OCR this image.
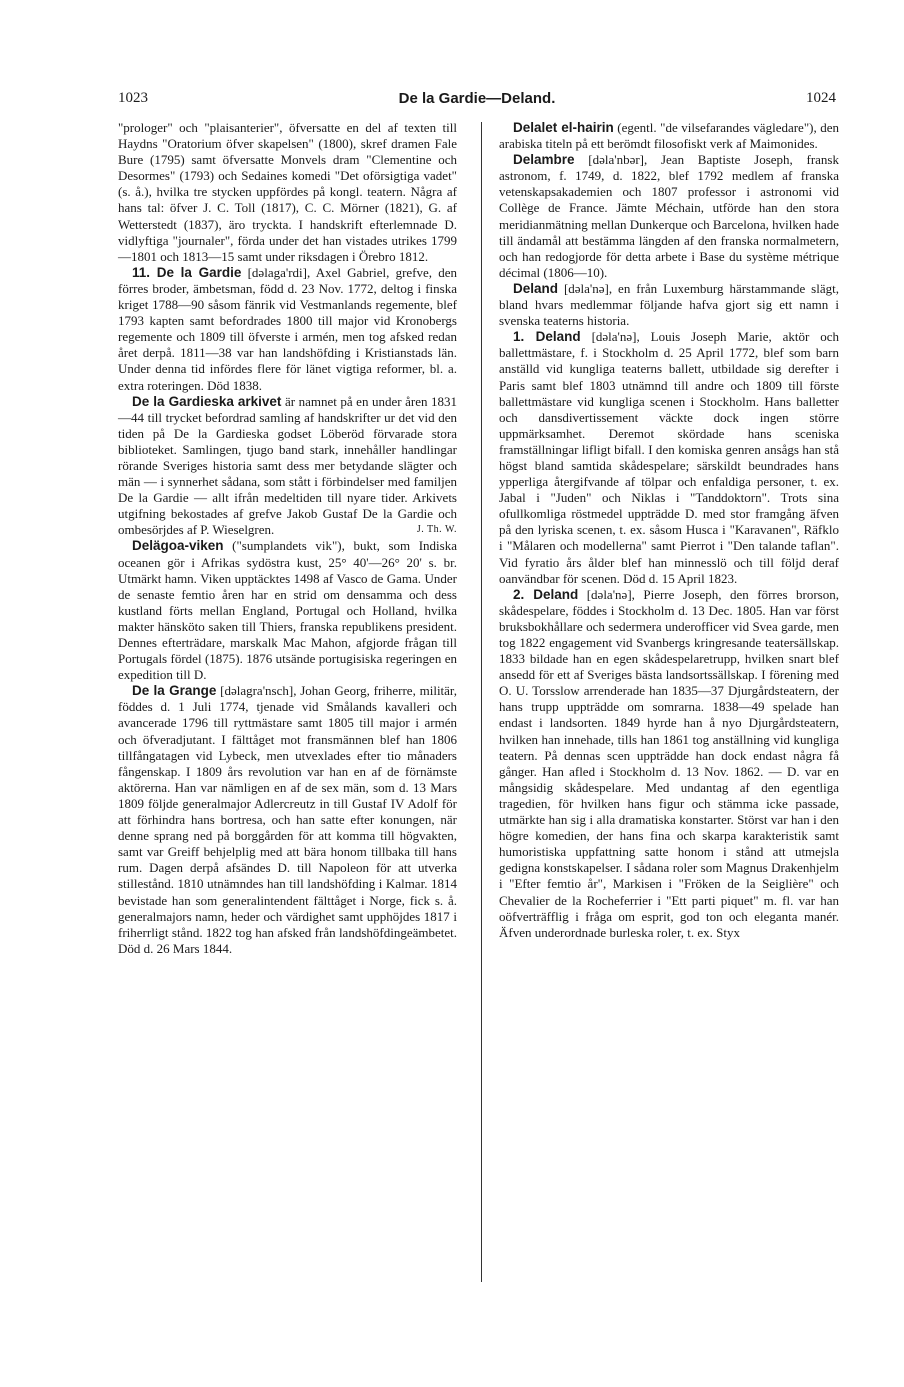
1023	De la Gardie—Deland.	1024

"prologer" och "plaisanterier", öfversatte en del af texten till Haydns "Oratorium öfver skapelsen" (1800), skref dramen Fale Bure (1795) samt öfversatte Monvels dram "Clementine och Desormes" (1793) och Sedaines komedi "Det oförsigtiga vadet" (s. å.), hvilka tre stycken uppfördes på kongl. teatern. Några af hans tal: öfver J. C. Toll (1817), C. C. Mörner (1821), G. af Wetterstedt (1837), äro tryckta. I handskrift efterlemnade D. vidlyftiga "journaler", förda under det han vistades utrikes 1799—1801 och 1813—15 samt under riksdagen i Örebro 1812.

11. De la Gardie [dəlaga'rdi], Axel Gabriel, grefve, den förres broder, ämbetsman, född d. 23 Nov. 1772, deltog i finska kriget 1788—90 såsom fänrik vid Vestmanlands regemente, blef 1793 kapten samt befordrades 1800 till major vid Kronobergs regemente och 1809 till öfverste i armén, men tog afsked redan året derpå. 1811—38 var han landshöfding i Kristianstads län. Under denna tid infördes flere för länet vigtiga reformer, bl. a. extra roteringen. Död 1838.

De la Gardieska arkivet är namnet på en under åren 1831—44 till trycket befordrad samling af handskrifter ur det vid den tiden på De la Gardieska godset Löberöd förvarade stora biblioteket. Samlingen, tjugo band stark, innehåller handlingar rörande Sveriges historia samt dess mer betydande slägter och män — i synnerhet sådana, som stått i förbindelser med familjen De la Gardie — allt ifrån medeltiden till nyare tider. Arkivets utgifning bekostades af grefve Jakob Gustaf De la Gardie och ombesörjdes af P. Wieselgren.	J. Th. W.

Delägoa-viken ("sumplandets vik"), bukt, som Indiska oceanen gör i Afrikas sydöstra kust, 25° 40'—26° 20' s. br. Utmärkt hamn. Viken upptäcktes 1498 af Vasco de Gama. Under de senaste femtio åren har en strid om densamma och dess kustland förts mellan England, Portugal och Holland, hvilka makter hänsköto saken till Thiers, franska republikens president. Dennes efterträdare, marskalk Mac Mahon, afgjorde frågan till Portugals fördel (1875). 1876 utsände portugisiska regeringen en expedition till D.

De la Grange [dəlagra'nsch], Johan Georg, friherre, militär, föddes d. 1 Juli 1774, tjenade vid Smålands kavalleri och avancerade 1796 till ryttmästare samt 1805 till major i armén och öfveradjutant. I fälttåget mot fransmännen blef han 1806 tillfångatagen vid Lybeck, men utvexlades efter tio månaders fångenskap. I 1809 års revolution var han en af de förnämste aktörerna. Han var nämligen en af de sex män, som d. 13 Mars 1809 följde generalmajor Adlercreutz in till Gustaf IV Adolf för att förhindra hans bortresa, och han satte efter konungen, när denne sprang ned på borggården för att komma till högvakten, samt var Greiff behjelplig med att bära honom tillbaka till hans rum. Dagen derpå afsändes D. till Napoleon för att utverka stillestånd. 1810 utnämndes han till landshöfding i Kalmar. 1814 bevistade han som generalintendent fälttåget i Norge, fick s. å. generalmajors namn, heder och värdighet samt upphöjdes 1817 i friherrligt stånd. 1822 tog han afsked från landshöfdingeämbetet. Död d. 26 Mars 1844.

Delalet el-hairin (egentl. "de vilsefarandes vägledare"), den arabiska titeln på ett berömdt filosofiskt verk af Maimonides.

Delambre [dəla'nbər], Jean Baptiste Joseph, fransk astronom, f. 1749, d. 1822, blef 1792 medlem af franska vetenskapsakademien och 1807 professor i astronomi vid Collège de France. Jämte Méchain, utförde han den stora meridianmätning mellan Dunkerque och Barcelona, hvilken hade till ändamål att bestämma längden af den franska normalmetern, och han redogjorde för detta arbete i Base du système métrique décimal (1806—10).

Deland [dəla'nə], en från Luxemburg härstammande slägt, bland hvars medlemmar följande hafva gjort sig ett namn i svenska teaterns historia.

1. Deland [dəla'nə], Louis Joseph Marie, aktör och ballettmästare, f. i Stockholm d. 25 April 1772, blef som barn anställd vid kungliga teaterns ballett, utbildade sig derefter i Paris samt blef 1803 utnämnd till andre och 1809 till förste ballettmästare vid kungliga scenen i Stockholm. Hans balletter och dansdivertissement väckte dock ingen större uppmärksamhet. Deremot skördade hans sceniska framställningar lifligt bifall. I den komiska genren ansågs han stå högst bland samtida skådespelare; särskildt beundrades hans ypperliga återgifvande af tölpar och enfaldiga personer, t. ex. Jabal i "Juden" och Niklas i "Tanddoktorn". Trots sina ofullkomliga röstmedel uppträdde D. med stor framgång äfven på den lyriska scenen, t. ex. såsom Husca i "Karavanen", Räfklo i "Målaren och modellerna" samt Pierrot i "Den talande taflan". Vid fyratio års ålder blef han minnesslö och till följd deraf oanvändbar för scenen. Död d. 15 April 1823.

2. Deland [dəla'nə], Pierre Joseph, den förres brorson, skådespelare, föddes i Stockholm d. 13 Dec. 1805. Han var först bruksbokhållare och sedermera underofficer vid Svea garde, men tog 1822 engagement vid Svanbergs kringresande teatersällskap. 1833 bildade han en egen skådespelaretrupp, hvilken snart blef ansedd för ett af Sveriges bästa landsortssällskap. I förening med O. U. Torsslow arrenderade han 1835—37 Djurgårdsteatern, der hans trupp uppträdde om somrarna. 1838—49 spelade han endast i landsorten. 1849 hyrde han å nyo Djurgårdsteatern, hvilken han innehade, tills han 1861 tog anställning vid kungliga teatern. På dennas scen uppträdde han dock endast några få gånger. Han afled i Stockholm d. 13 Nov. 1862. — D. var en mångsidig skådespelare. Med undantag af den egentliga tragedien, för hvilken hans figur och stämma icke passade, utmärkte han sig i alla dramatiska konstarter. Störst var han i den högre komedien, der hans fina och skarpa karakteristik samt humoristiska uppfattning satte honom i stånd att utmejsla gedigna konstskapelser. I sådana roler som Magnus Drakenhjelm i "Efter femtio år", Markisen i "Fröken de la Seiglière" och Chevalier de la Rocheferrier i "Ett parti piquet" m. fl. var han oöfverträfflig i fråga om esprit, god ton och eleganta manér. Äfven underordnade burleska roler, t. ex. Styx
